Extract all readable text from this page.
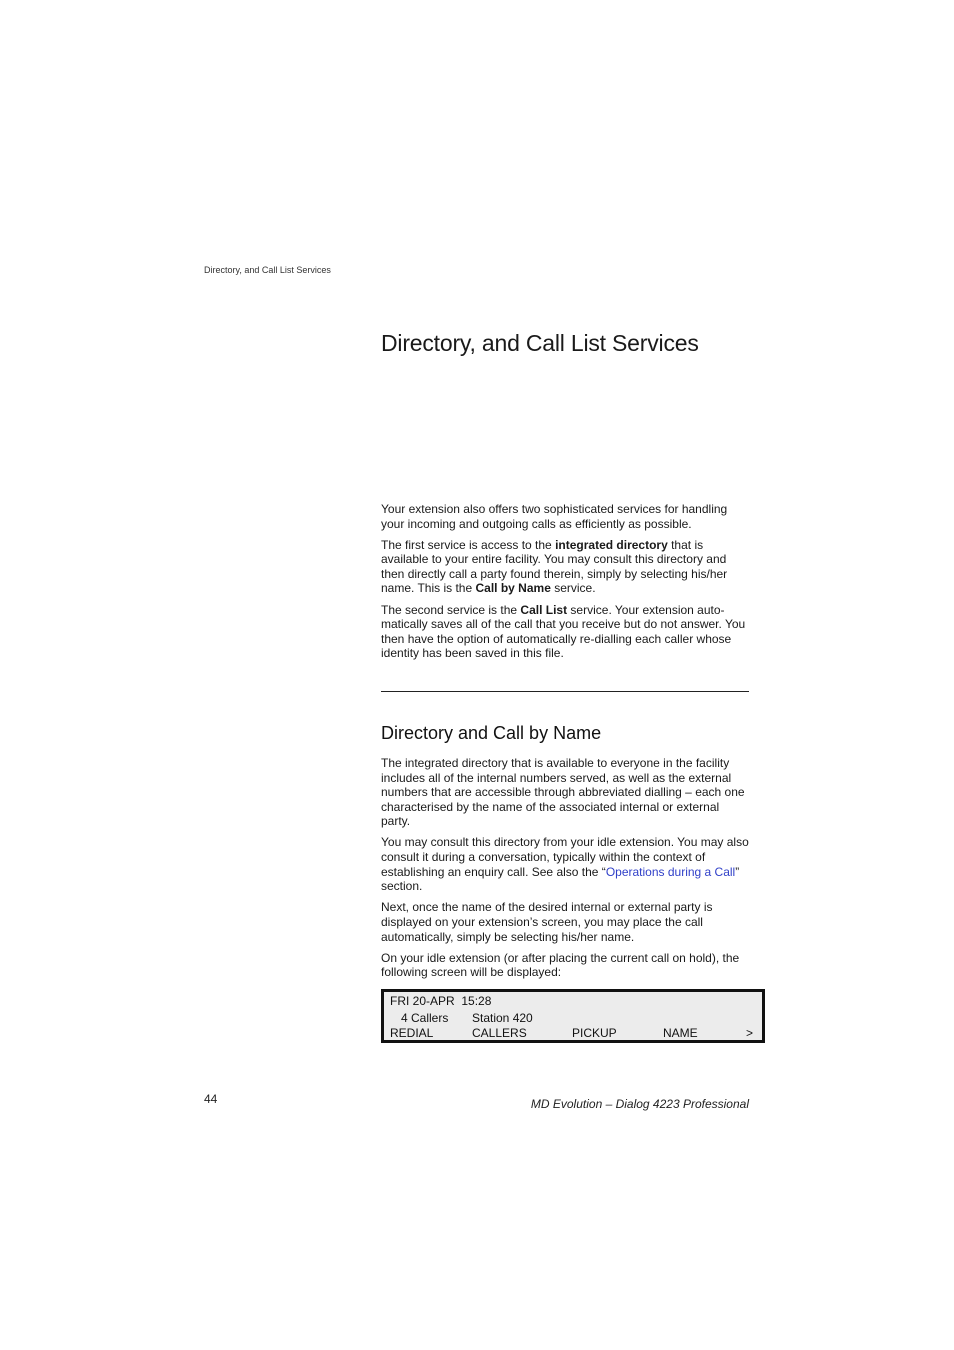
Directory, and Call List Services
Directory, and Call List Services

Your extension also offers two sophisticated services for handling your incoming and outgoing calls as efficiently as possible.

The first service is access to the integrated directory that is available to your entire facility. You may consult this directory and then directly call a party found therein, simply by selecting his/her name. This is the Call by Name service.

The second service is the Call List service. Your extension auto-matically saves all of the call that you receive but do not answer. You then have the option of automatically re-dialling each caller whose identity has been saved in this file.

Directory and Call by Name

The integrated directory that is available to everyone in the facility includes all of the internal numbers served, as well as the external numbers that are accessible through abbreviated dialling – each one characterised by the name of the associated internal or external party.

You may consult this directory from your idle extension. You may also consult it during a conversation, typically within the context of establishing an enquiry call. See also the “Operations during a Call” section.

Next, once the name of the desired internal or external party is displayed on your extension’s screen, you may place the call automatically, simply be selecting his/her name.

On your idle extension (or after placing the current call on hold), the following screen will be displayed:

FRI 20-APR  15:28
4 Callers Station 420
REDIAL	CALLERS	PICKUP	NAME	>
44	MD Evolution – Dialog 4223 Professional
